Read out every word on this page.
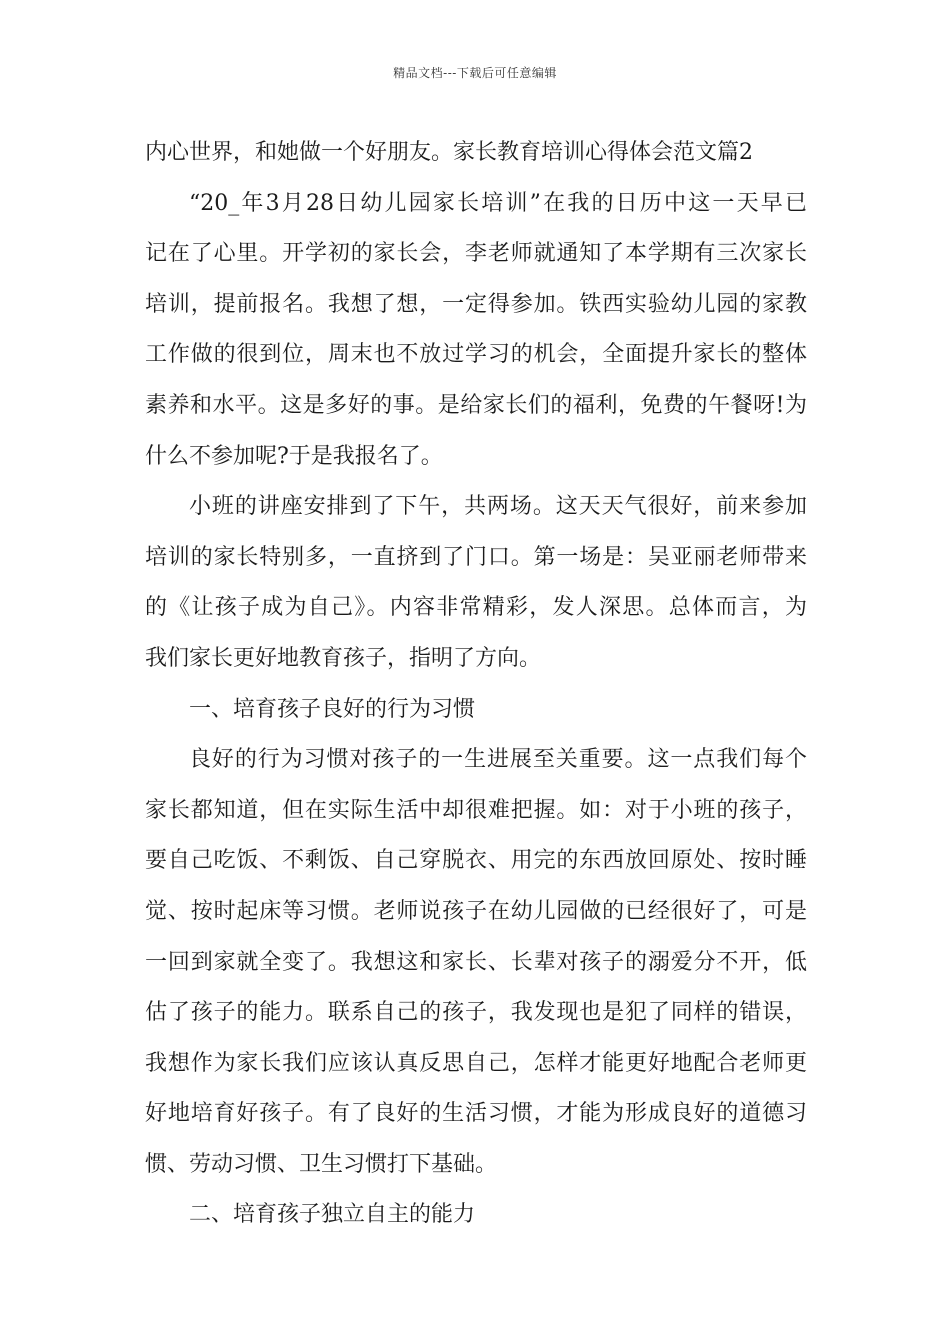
精品文档---下载后可任意编辑
内心世界，和她做一个好朋友。家长教育培训心得体会范文篇2
“20_年3月28日幼儿园家长培训”在我的日历中这一天早已
记在了心里。开学初的家长会，李老师就通知了本学期有三次家长
培训，提前报名。我想了想，一定得参加。铁西实验幼儿园的家教
工作做的很到位，周末也不放过学习的机会，全面提升家长的整体
素养和水平。这是多好的事。是给家长们的福利，免费的午餐呀!为
什么不参加呢?于是我报名了。
小班的讲座安排到了下午，共两场。这天天气很好，前来参加
培训的家长特别多，一直挤到了门口。第一场是：吴亚丽老师带来
的《让孩子成为自己》。内容非常精彩，发人深思。总体而言，为
我们家长更好地教育孩子，指明了方向。
一、培育孩子良好的行为习惯
良好的行为习惯对孩子的一生进展至关重要。这一点我们每个
家长都知道，但在实际生活中却很难把握。如：对于小班的孩子，
要自己吃饭、不剩饭、自己穿脱衣、用完的东西放回原处、按时睡
觉、按时起床等习惯。老师说孩子在幼儿园做的已经很好了，可是
一回到家就全变了。我想这和家长、长辈对孩子的溺爱分不开，低
估了孩子的能力。联系自己的孩子，我发现也是犯了同样的错误，
我想作为家长我们应该认真反思自己，怎样才能更好地配合老师更
好地培育好孩子。有了良好的生活习惯，才能为形成良好的道德习
惯、劳动习惯、卫生习惯打下基础。
二、培育孩子独立自主的能力
